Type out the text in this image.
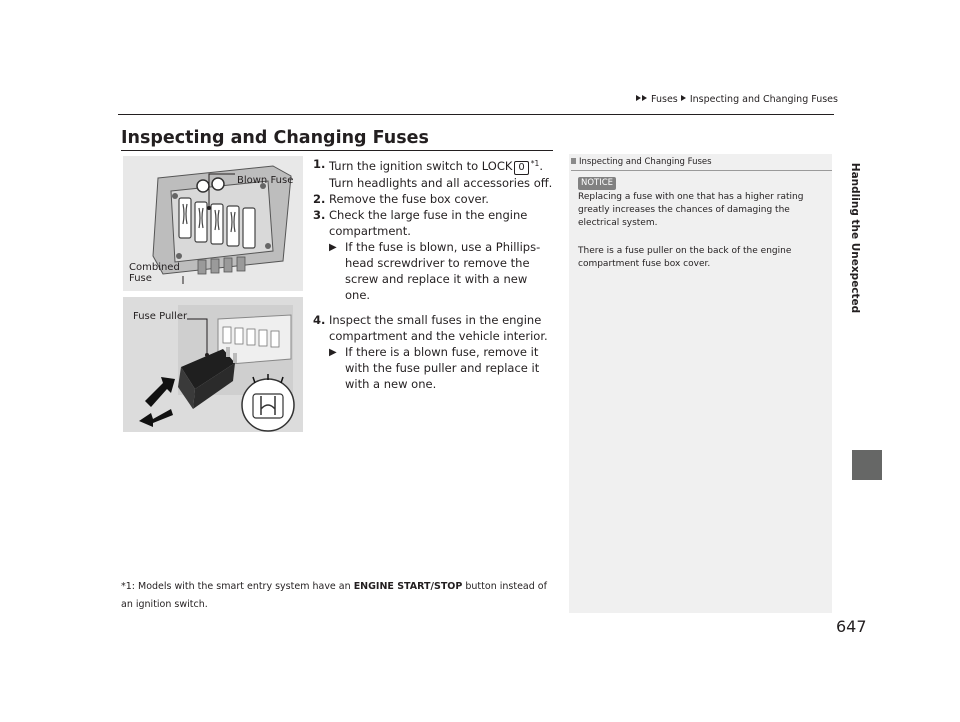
Fuses Inspecting and Changing Fuses
Handling the Unexpected
Inspecting and Changing Fuses
Blown Fuse
Combined
Fuse
Fuse Puller
1. Turn the ignition switch to LOCK 0 $^{*1}$. Turn headlights and all accessories off.
2. Remove the fuse box cover.
3. Check the large fuse in the engine compartment.
▶ If the fuse is blown, use a Phillips-head screwdriver to remove the screw and replace it with a new one.
4. Inspect the small fuses in the engine compartment and the vehicle interior.
▶ If there is a blown fuse, remove it with the fuse puller and replace it with a new one.
*1: Models with the smart entry system have an ENGINE START/STOP button instead of an ignition switch.
Inspecting and Changing Fuses
NOTICE
Replacing a fuse with one that has a higher rating greatly increases the chances of damaging the electrical system.
There is a fuse puller on the back of the engine compartment fuse box cover.
647
